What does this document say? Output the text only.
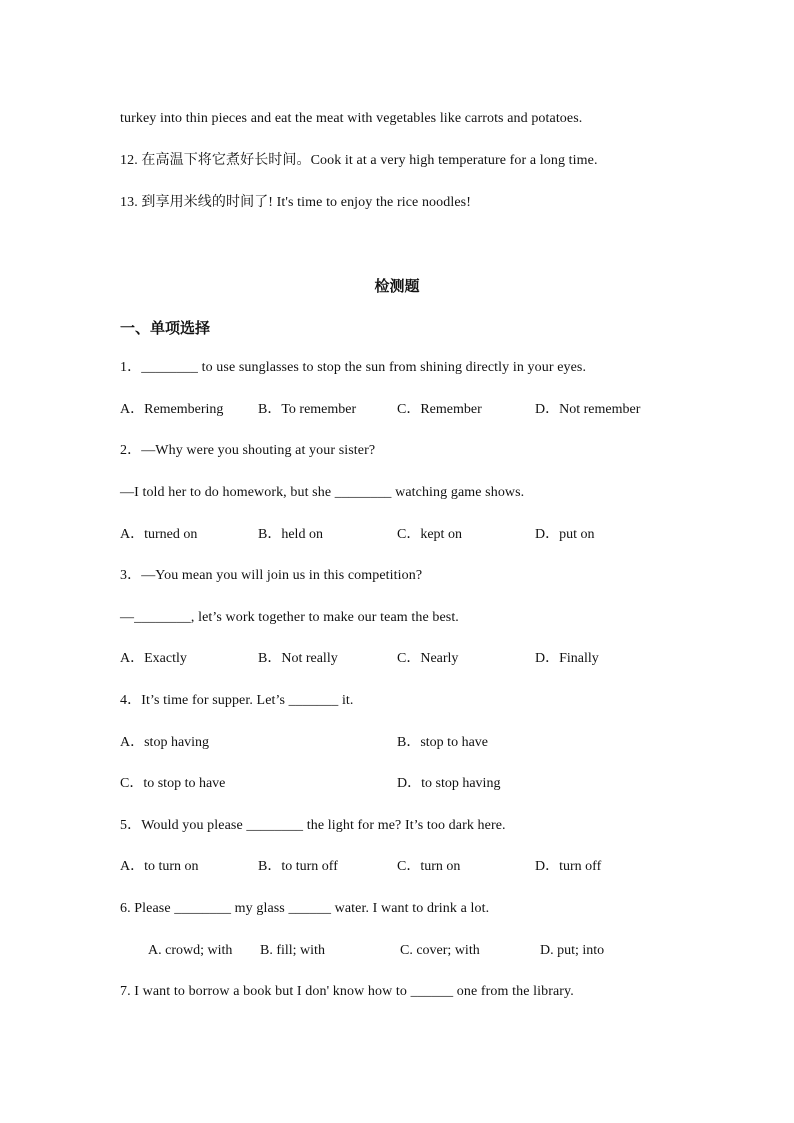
turkey into thin pieces and eat the meat with vegetables like carrots and potatoes.
12. 在高温下将它煮好长时间。Cook it at a very high temperature for a long time.
13. 到享用米线的时间了! It's time to enjoy the rice noodles!
检测题
一、单项选择
1．________ to use sunglasses to stop the sun from shining directly in your eyes.
A．Remembering B．To remember	C．Remember	D．Not remember
2．—Why were you shouting at your sister?
—I told her to do homework, but she ________ watching game shows.
A．turned on	B．held on	C．kept on	D．put on
3．—You mean you will join us in this competition?
—________, let’s work together to make our team the best.
A．Exactly	B．Not really	C．Nearly	D．Finally
4．It’s time for supper. Let’s _______ it.
A．stop having	B．stop to have
C．to stop to have	D．to stop having
5．Would you please ________ the light for me? It’s too dark here.
A．to turn on	B．to turn off	C．turn on	D．turn off
6. Please ________ my glass ______ water. I want to drink a lot.
A. crowd; with B. fill; with	C. cover; with	D. put; into
7. I want to borrow a book but I don' know how to ______ one from the library.
